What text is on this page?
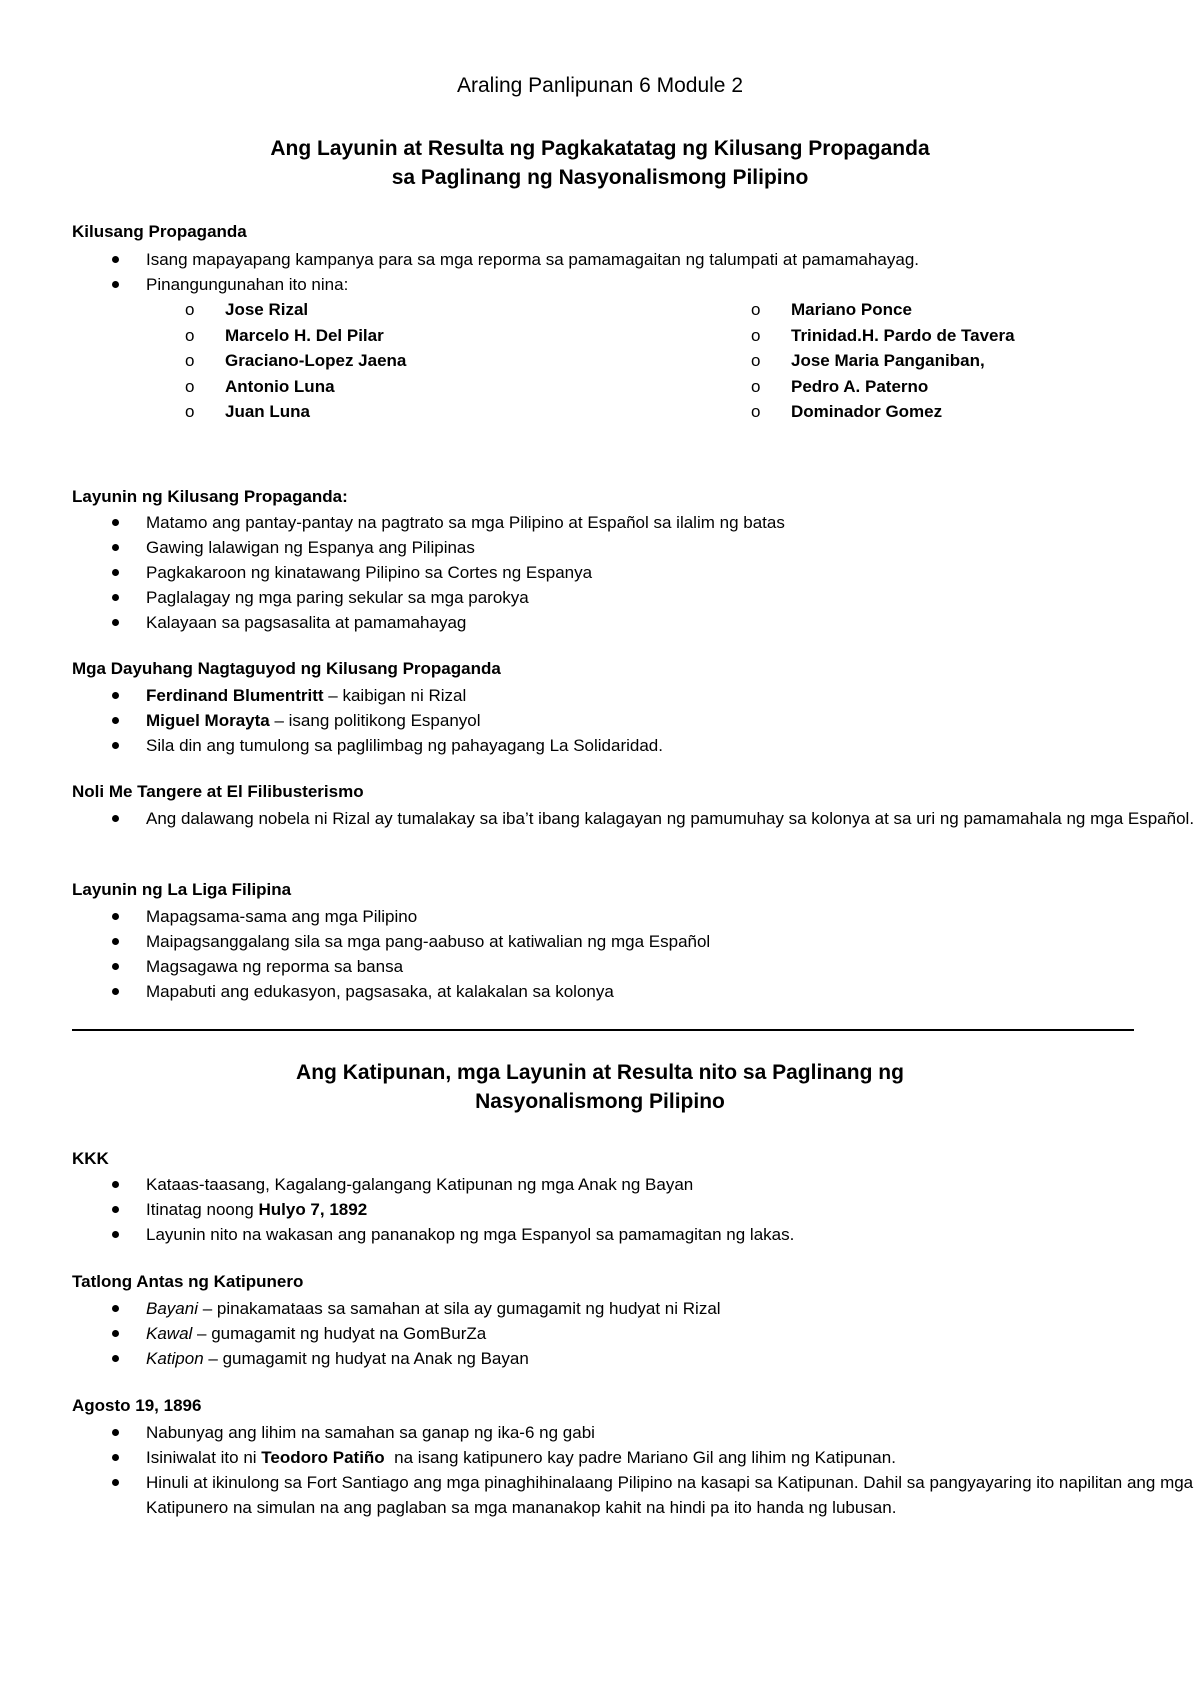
Araling Panlipunan 6 Module 2
Ang Layunin at Resulta ng Pagkakatatag ng Kilusang Propaganda
sa Paglinang ng Nasyonalismong Pilipino
Kilusang Propaganda
Isang mapayapang kampanya para sa mga reporma sa pamamagaitan ng talumpati at pamamahayag.
Pinangungunahan ito nina:
o Jose Rizal
o Marcelo H. Del Pilar
o Graciano-Lopez Jaena
o Antonio Luna
o Juan Luna
o Mariano Ponce
o Trinidad.H. Pardo de Tavera
o Jose Maria Panganiban,
o Pedro A. Paterno
o Dominador Gomez
Layunin ng Kilusang Propaganda:
Matamo ang pantay-pantay na pagtrato sa mga Pilipino at Español sa ilalim ng batas
Gawing lalawigan ng Espanya ang Pilipinas
Pagkakaroon ng kinatawang Pilipino sa Cortes ng Espanya
Paglalagay ng mga paring sekular sa mga parokya
Kalayaan sa pagsasalita at pamamahayag
Mga Dayuhang Nagtaguyod ng Kilusang Propaganda
Ferdinand Blumentritt – kaibigan ni Rizal
Miguel Morayta – isang politikong Espanyol
Sila din ang tumulong sa paglilimbag ng pahayagang La Solidaridad.
Noli Me Tangere at El Filibusterismo
Ang dalawang nobela ni Rizal ay tumalakay sa iba’t ibang kalagayan ng pamumuhay sa kolonya at sa uri ng pamamahala ng mga Español.
Layunin ng La Liga Filipina
Mapagsama-sama ang mga Pilipino
Maipagsanggalang sila sa mga pang-aabuso at katiwalian ng mga Español
Magsagawa ng reporma sa bansa
Mapabuti ang edukasyon, pagsasaka, at kalakalan sa kolonya
Ang Katipunan, mga Layunin at Resulta nito sa Paglinang ng
Nasyonalismong Pilipino
KKK
Kataas-taasang, Kagalang-galangang Katipunan ng mga Anak ng Bayan
Itinatag noong Hulyo 7, 1892
Layunin nito na wakasan ang pananakop ng mga Espanyol sa pamamagitan ng lakas.
Tatlong Antas ng Katipunero
Bayani – pinakamataas sa samahan at sila ay gumagamit ng hudyat ni Rizal
Kawal – gumagamit ng hudyat na GomBurZa
Katipon – gumagamit ng hudyat na Anak ng Bayan
Agosto 19, 1896
Nabunyag ang lihim na samahan sa ganap ng ika-6 ng gabi
Isiniwalat ito ni Teodoro Patiño  na isang katipunero kay padre Mariano Gil ang lihim ng Katipunan.
Hinuli at ikinulong sa Fort Santiago ang mga pinaghihinalaang Pilipino na kasapi sa Katipunan. Dahil sa pangyayaring ito napilitan ang mga Katipunero na simulan na ang paglaban sa mga mananakop kahit na hindi pa ito handa ng lubusan.
